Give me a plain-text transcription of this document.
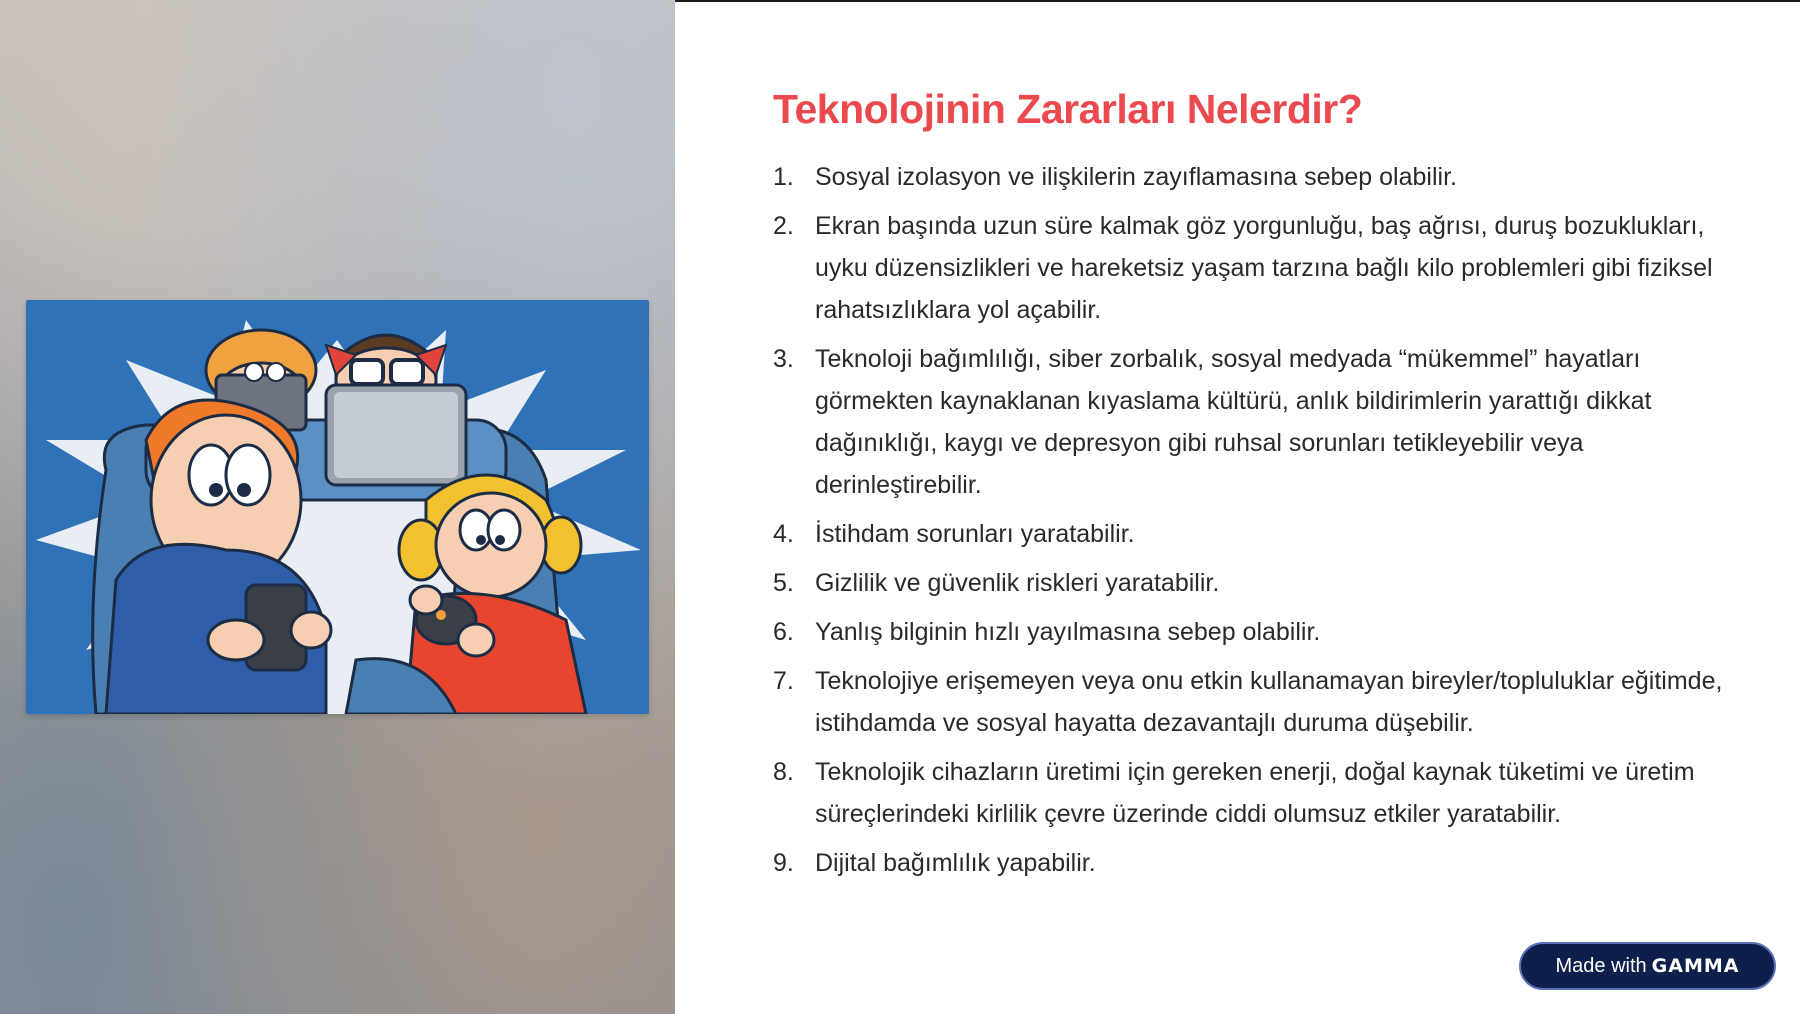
Teknolojinin Zararları Nelerdir?
1. Sosyal izolasyon ve ilişkilerin zayıflamasına sebep olabilir.
2. Ekran başında uzun süre kalmak göz yorgunluğu, baş ağrısı, duruş bozuklukları, uyku düzensizlikleri ve hareketsiz yaşam tarzına bağlı kilo problemleri gibi fiziksel rahatsızlıklara yol açabilir.
3. Teknoloji bağımlılığı, siber zorbalık, sosyal medyada “mükemmel” hayatları görmekten kaynaklanan kıyaslama kültürü, anlık bildirimlerin yarattığı dikkat dağınıklığı, kaygı ve depresyon gibi ruhsal sorunları tetikleyebilir veya derinleştirebilir.
4. İstihdam sorunları yaratabilir.
5. Gizlilik ve güvenlik riskleri yaratabilir.
6. Yanlış bilginin hızlı yayılmasına sebep olabilir.
7. Teknolojiye erişemeyen veya onu etkin kullanamayan bireyler/topluluklar eğitimde, istihdamda ve sosyal hayatta dezavantajlı duruma düşebilir.
8. Teknolojik cihazların üretimi için gereken enerji, doğal kaynak tüketimi ve üretim süreçlerindeki kirlilik çevre üzerinde ciddi olumsuz etkiler yaratabilir.
9. Dijital bağımlılık yapabilir.
Made with GAMMA
